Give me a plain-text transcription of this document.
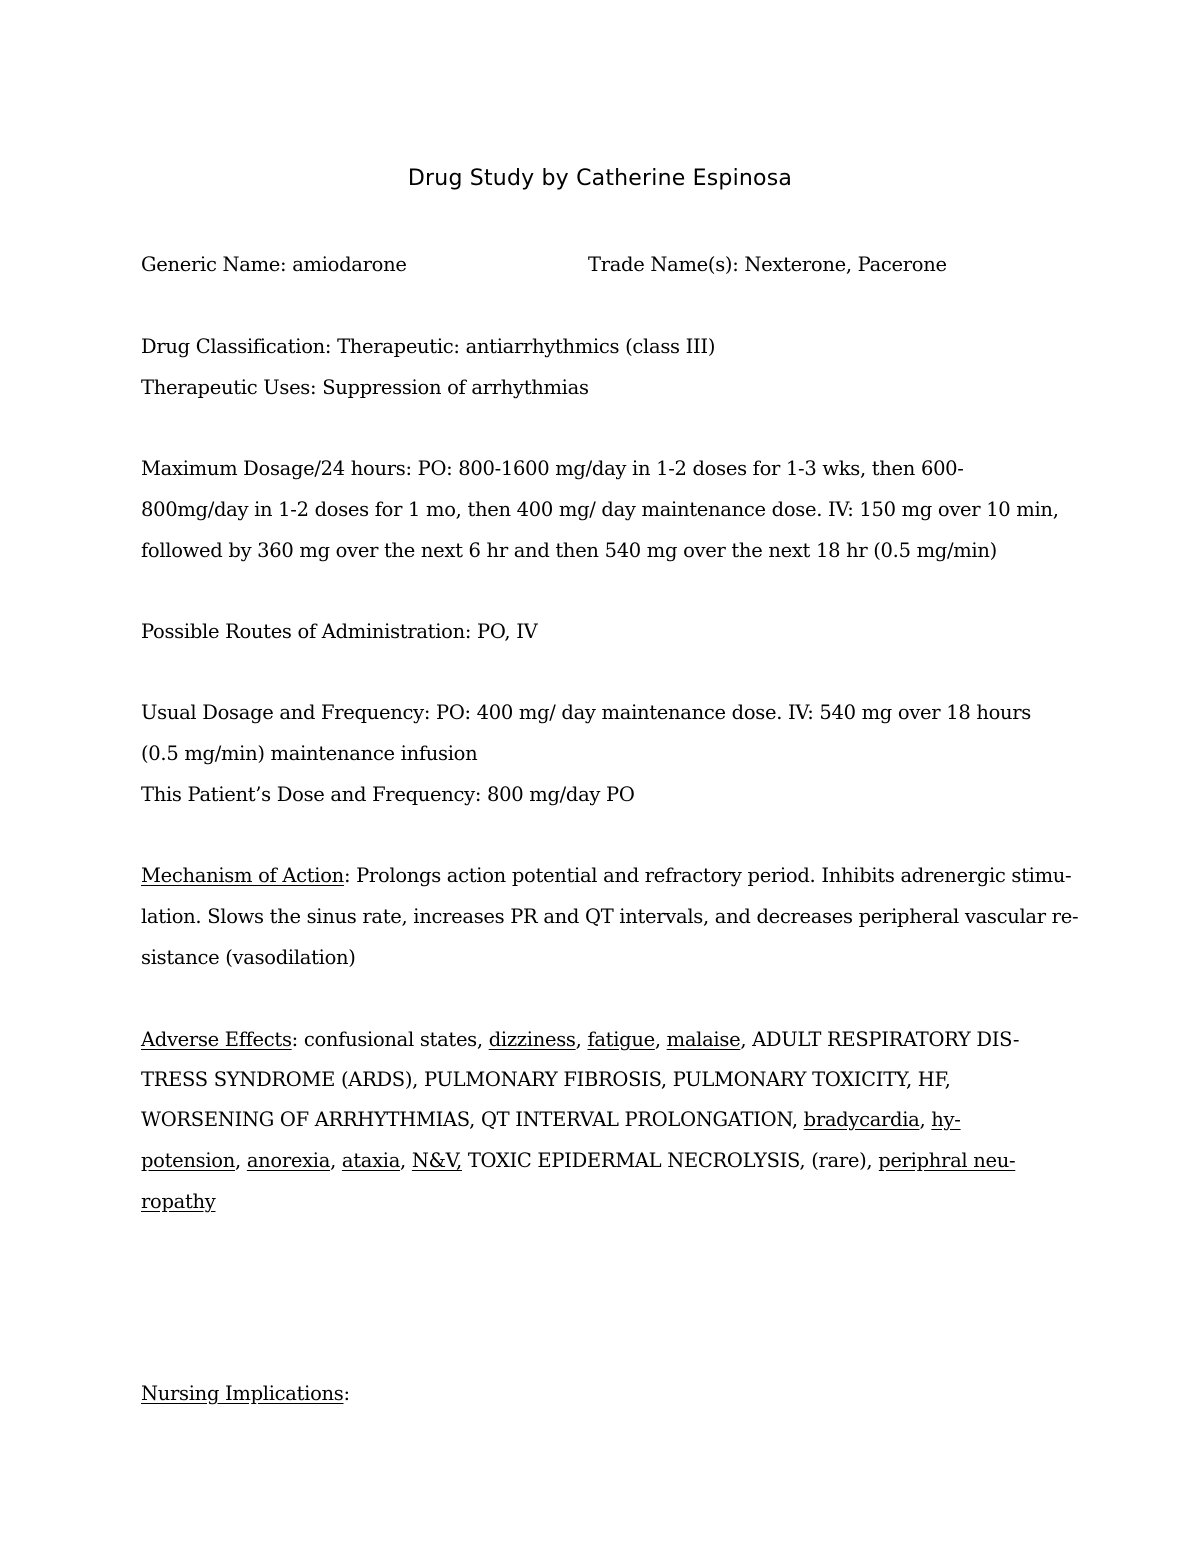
Drug Study by Catherine Espinosa
Generic Name: amiodarone	Trade Name(s): Nexterone, Pacerone
Drug Classification: Therapeutic: antiarrhythmics (class III)
Therapeutic Uses: Suppression of arrhythmias
Maximum Dosage/24 hours: PO: 800-1600 mg/day in 1-2 doses for 1-3 wks, then 600-
800mg/day in 1-2 doses for 1 mo, then 400 mg/ day maintenance dose. IV: 150 mg over 10 min,
followed by 360 mg over the next 6 hr and then 540 mg over the next 18 hr (0.5 mg/min)
Possible Routes of Administration: PO, IV
Usual Dosage and Frequency: PO: 400 mg/ day maintenance dose. IV: 540 mg over 18 hours
(0.5 mg/min) maintenance infusion
This Patient’s Dose and Frequency: 800 mg/day PO
Mechanism of Action: Prolongs action potential and refractory period. Inhibits adrenergic stimu-
lation. Slows the sinus rate, increases PR and QT intervals, and decreases peripheral vascular re-
sistance (vasodilation)
Adverse Effects: confusional states, dizziness, fatigue, malaise, ADULT RESPIRATORY DIS-
TRESS SYNDROME (ARDS), PULMONARY FIBROSIS, PULMONARY TOXICITY, HF,
WORSENING OF ARRHYTHMIAS, QT INTERVAL PROLONGATION, bradycardia, hy-
potension, anorexia, ataxia, N&V, TOXIC EPIDERMAL NECROLYSIS, (rare), periphral neu-
ropathy
Nursing Implications:
